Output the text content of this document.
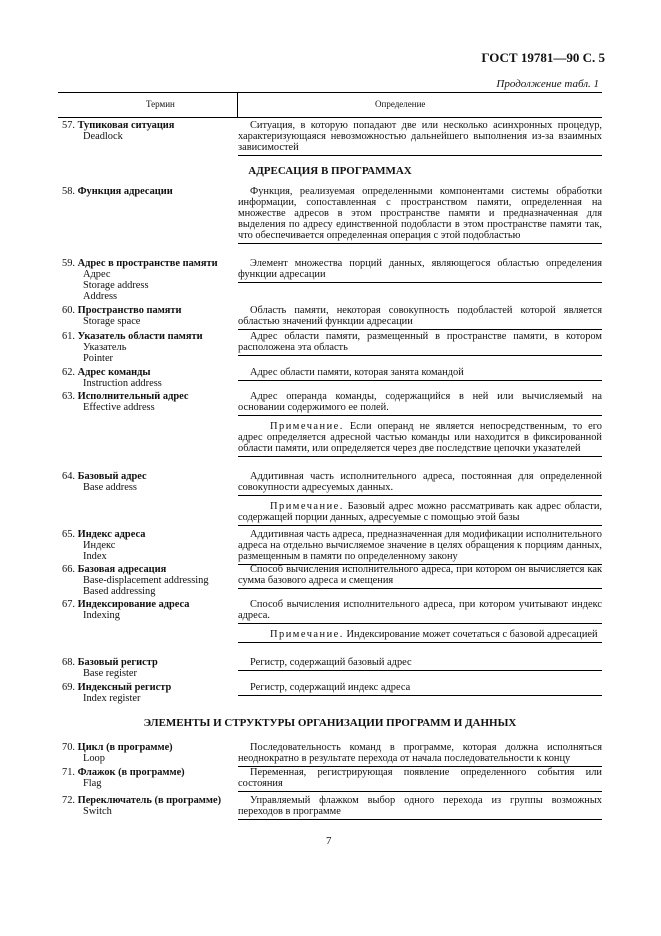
ГОСТ 19781—90 С. 5
Продолжение табл. 1
Термин	Определение
АДРЕСАЦИЯ В ПРОГРАММАХ
ЭЛЕМЕНТЫ И СТРУКТУРЫ ОРГАНИЗАЦИИ ПРОГРАММ И ДАННЫХ
57. Тупиковая ситуация
Deadlock
Ситуация, в которую попадают две или несколько асинхронных процедур, характеризующаяся невозможностью дальнейшего выполнения из-за взаимных зависимостей
58. Функция адресации	Функция, реализуемая определенными компонентами системы обработки информации, сопоставленная с пространством памяти, определенная на множестве адресов в этом пространстве памяти и предназначенная для выделения по адресу единственной подобласти в этом пространстве памяти так, что обеспечивается определенная операция с этой подобластью
59. Адрес в пространстве памяти
Адрес
Storage address
Address
Элемент множества порций данных, являющегося областью определения функции адресации
60. Пространство памяти
Storage space
Область памяти, некоторая совокупность подобластей которой является областью значений функции адресации
61. Указатель области памяти
Указатель
Pointer
Адрес области памяти, размещенный в пространстве памяти, в котором расположена эта область
62. Адрес команды
Instruction address
Адрес области памяти, которая занята командой
63. Исполнительный адрес
Effective address
Адрес операнда команды, содержащийся в ней или вычисляемый на основании содержимого ее полей.
Примечание. Если операнд не является непосредственным, то его адрес определяется адресной частью команды или находится в фиксированной области памяти, или определяется через две последствие цепочки указателей
64. Базовый адрес
Base address
Аддитивная часть исполнительного адреса, постоянная для определенной совокупности адресуемых данных.
Примечание. Базовый адрес можно рассматривать как адрес области, содержащей порции данных, адресуемые с помощью этой базы
65. Индекс адреса
Индекс
Index
Аддитивная часть адреса, предназначенная для модификации исполнительного адреса на отдельно вычисляемое значение в целях обращения к порциям данных, размещенным в памяти по определенному закону
66. Базовая адресация
Base-displacement addressing
Based addressing
Способ вычисления исполнительного адреса, при котором он вычисляется как сумма базового адреса и смещения
67. Индексирование адреса
Indexing
Способ вычисления исполнительного адреса, при котором учитывают индекс адреса.
Примечание. Индексирование может сочетаться с базовой адресацией
68. Базовый регистр
Base register
Регистр, содержащий базовый адрес
69. Индексный регистр
Index register
Регистр, содержащий индекс адреса
70. Цикл (в программе)
Loop
Последовательность команд в программе, которая должна исполняться неоднократно в результате перехода от начала последовательности к концу
71. Флажок (в программе)
Flag
Переменная, регистрирующая появление определенного события или состояния
72. Переключатель (в программе)
Switch
Управляемый флажком выбор одного перехода из группы возможных переходов в программе
7
